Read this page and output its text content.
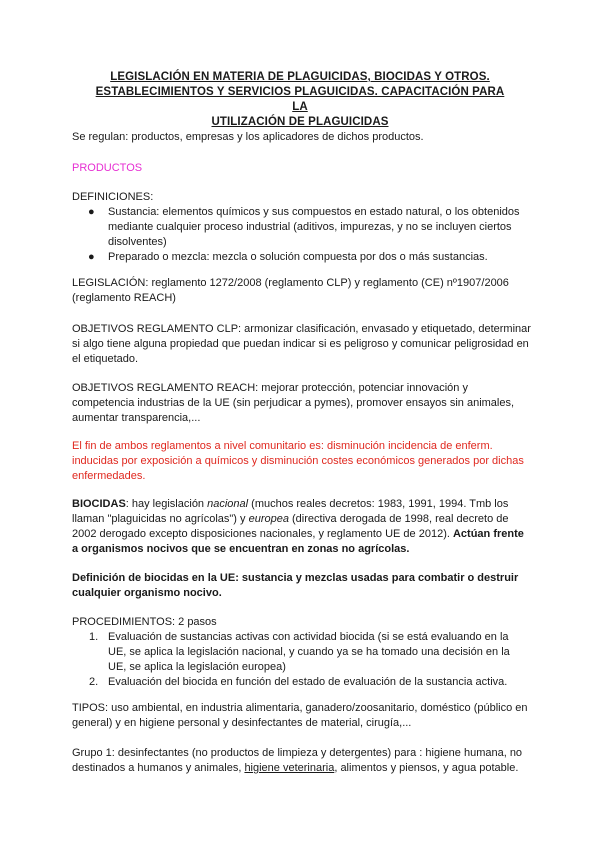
LEGISLACIÓN EN MATERIA DE PLAGUICIDAS, BIOCIDAS Y OTROS.
ESTABLECIMIENTOS Y SERVICIOS PLAGUICIDAS. CAPACITACIÓN PARA LA
UTILIZACIÓN DE PLAGUICIDAS
Se regulan: productos, empresas y los aplicadores de dichos productos.
PRODUCTOS
DEFINICIONES:
● Sustancia: elementos químicos y sus compuestos en estado natural, o los obtenidos mediante cualquier proceso industrial (aditivos, impurezas, y no se incluyen ciertos disolventes)
● Preparado o mezcla: mezcla o solución compuesta por dos o más sustancias.
LEGISLACIÓN: reglamento 1272/2008 (reglamento CLP) y reglamento (CE) nº1907/2006 (reglamento REACH)
OBJETIVOS REGLAMENTO CLP: armonizar clasificación, envasado y etiquetado, determinar si algo tiene alguna propiedad que puedan indicar si es peligroso y comunicar peligrosidad en el etiquetado.
OBJETIVOS REGLAMENTO REACH: mejorar protección, potenciar innovación y competencia industrias de la UE (sin perjudicar a pymes), promover ensayos sin animales, aumentar transparencia,...
El fin de ambos reglamentos a nivel comunitario es: disminución incidencia de enferm. inducidas por exposición a químicos y disminución costes económicos generados por dichas enfermedades.
BIOCIDAS: hay legislación nacional (muchos reales decretos: 1983, 1991, 1994. Tmb los llaman "plaguicidas no agrícolas") y europea (directiva derogada de 1998, real decreto de 2002 derogado excepto disposiciones nacionales, y reglamento UE de 2012). Actúan frente a organismos nocivos que se encuentran en zonas no agrícolas.
Definición de biocidas en la UE: sustancia y mezclas usadas para combatir o destruir cualquier organismo nocivo.
PROCEDIMIENTOS: 2 pasos
1. Evaluación de sustancias activas con actividad biocida (si se está evaluando en la UE, se aplica la legislación nacional, y cuando ya se ha tomado una decisión en la UE, se aplica la legislación europea)
2. Evaluación del biocida en función del estado de evaluación de la sustancia activa.
TIPOS: uso ambiental, en industria alimentaria, ganadero/zoosanitario, doméstico (público en general) y en higiene personal y desinfectantes de material, cirugía,...
Grupo 1: desinfectantes (no productos de limpieza y detergentes) para : higiene humana, no destinados a humanos y animales, higiene veterinaria, alimentos y piensos, y agua potable.
